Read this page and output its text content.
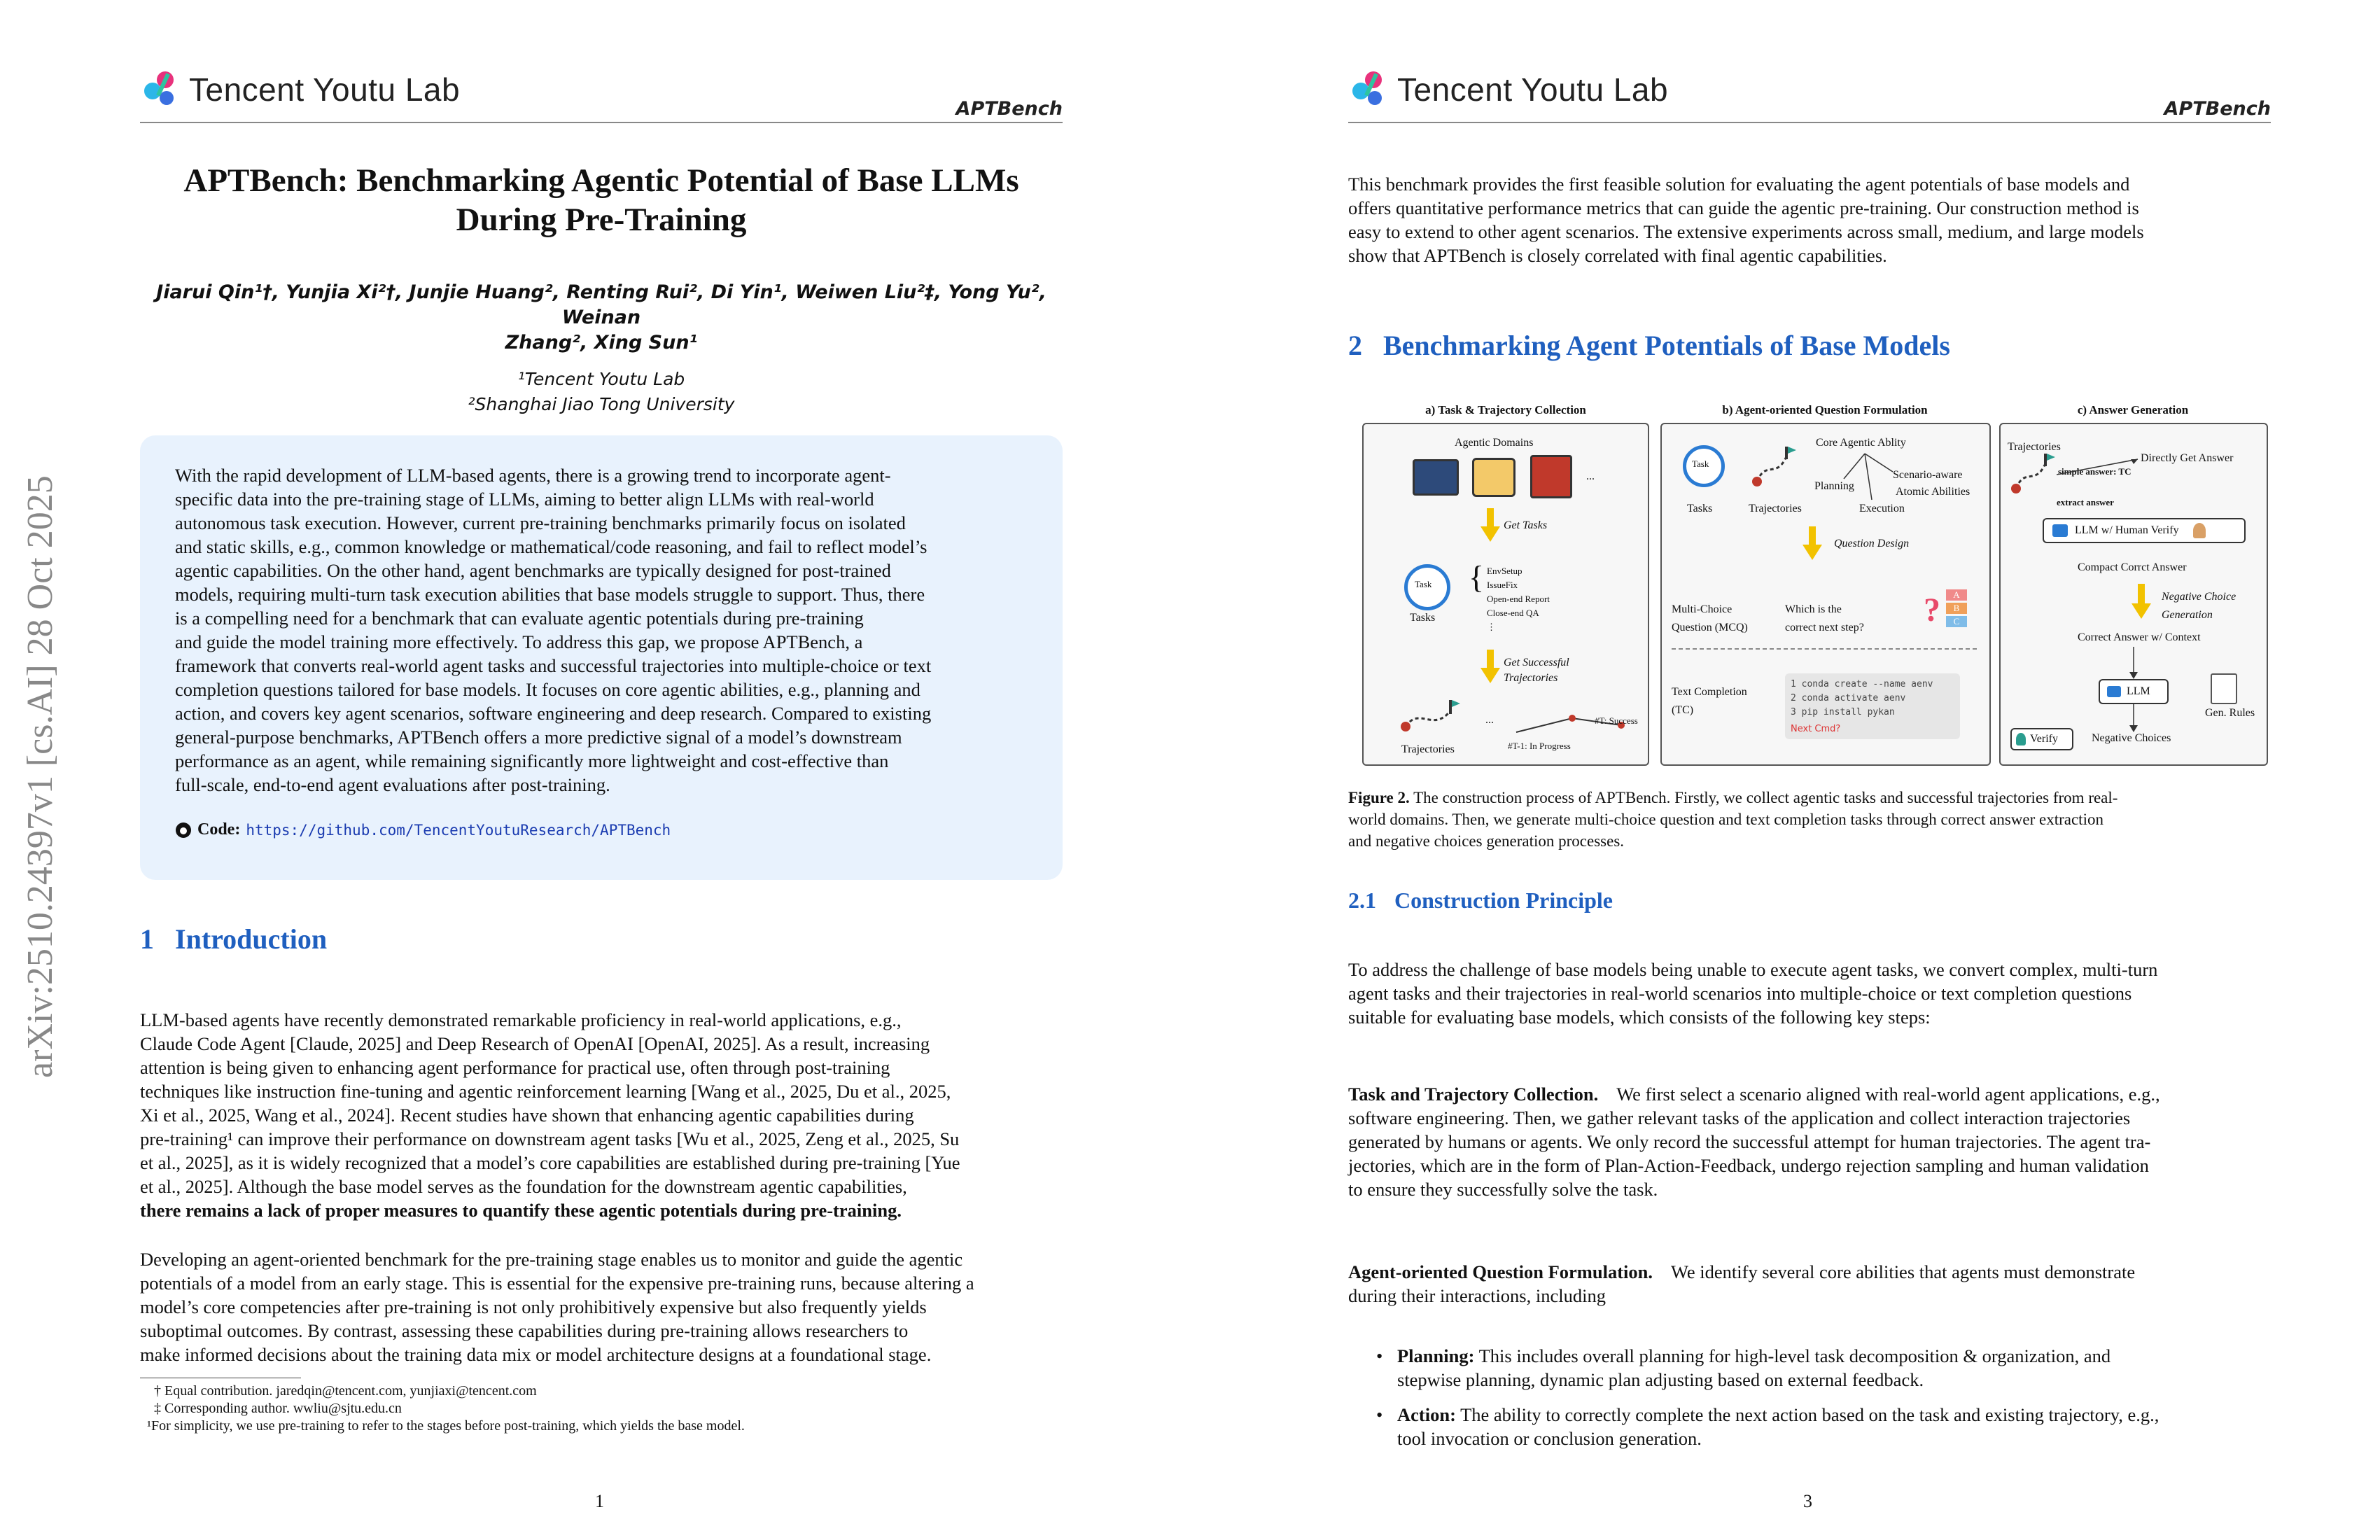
arXiv:2510.24397v1 [cs.AI] 28 Oct 2025
Tencent Youtu Lab
APTBench
APTBench: Benchmarking Agentic Potential of Base LLMs
During Pre-Training
Jiarui Qin¹†, Yunjia Xi²†, Junjie Huang², Renting Rui², Di Yin¹, Weiwen Liu²‡, Yong Yu², Weinan
Zhang², Xing Sun¹
¹Tencent Youtu Lab
²Shanghai Jiao Tong University
With the rapid development of LLM-based agents, there is a growing trend to incorporate agent-
specific data into the pre-training stage of LLMs, aiming to better align LLMs with real-world
autonomous task execution. However, current pre-training benchmarks primarily focus on isolated
and static skills, e.g., common knowledge or mathematical/code reasoning, and fail to reflect model’s
agentic capabilities. On the other hand, agent benchmarks are typically designed for post-trained
models, requiring multi-turn task execution abilities that base models struggle to support. Thus, there
is a compelling need for a benchmark that can evaluate agentic potentials during pre-training
and guide the model training more effectively. To address this gap, we propose APTBench, a
framework that converts real-world agent tasks and successful trajectories into multiple-choice or text
completion questions tailored for base models. It focuses on core agentic abilities, e.g., planning and
action, and covers key agent scenarios, software engineering and deep research. Compared to existing
general-purpose benchmarks, APTBench offers a more predictive signal of a model’s downstream
performance as an agent, while remaining significantly more lightweight and cost-effective than
full-scale, end-to-end agent evaluations after post-training.
Code: https://github.com/TencentYoutuResearch/APTBench
1 Introduction
LLM-based agents have recently demonstrated remarkable proficiency in real-world applications, e.g.,
Claude Code Agent [Claude, 2025] and Deep Research of OpenAI [OpenAI, 2025]. As a result, increasing
attention is being given to enhancing agent performance for practical use, often through post-training
techniques like instruction fine-tuning and agentic reinforcement learning [Wang et al., 2025, Du et al., 2025,
Xi et al., 2025, Wang et al., 2024]. Recent studies have shown that enhancing agentic capabilities during
pre-training¹ can improve their performance on downstream agent tasks [Wu et al., 2025, Zeng et al., 2025, Su
et al., 2025], as it is widely recognized that a model’s core capabilities are established during pre-training [Yue
et al., 2025]. Although the base model serves as the foundation for the downstream agentic capabilities,
there remains a lack of proper measures to quantify these agentic potentials during pre-training.
Developing an agent-oriented benchmark for the pre-training stage enables us to monitor and guide the agentic
potentials of a model from an early stage. This is essential for the expensive pre-training runs, because altering a
model’s core competencies after pre-training is not only prohibitively expensive but also frequently yields
suboptimal outcomes. By contrast, assessing these capabilities during pre-training allows researchers to
make informed decisions about the training data mix or model architecture designs at a foundational stage.
† Equal contribution. jaredqin@tencent.com, yunjiaxi@tencent.com
‡ Corresponding author. wwliu@sjtu.edu.cn
¹For simplicity, we use pre-training to refer to the stages before post-training, which yields the base model.
1
Tencent Youtu Lab
APTBench
This benchmark provides the first feasible solution for evaluating the agent potentials of base models and
offers quantitative performance metrics that can guide the agentic pre-training. Our construction method is
easy to extend to other agent scenarios. The extensive experiments across small, medium, and large models
show that APTBench is closely correlated with final agentic capabilities.
2 Benchmarking Agent Potentials of Base Models
a) Task & Trajectory Collection
Agentic Domains
...
Get Tasks
Task
Tasks
{ EnvSetup
IssueFix
Open-end Report
Close-end QA
⋮
Get Successful
Trajectories
Trajectories
...
#T-1: In Progress
#T: Success
b) Agent-oriented Question Formulation
Task
Tasks	Trajectories
Core Agentic Ablity
Planning
Scenario-aware
Atomic Abilities
Execution
Question Design
Multi-Choice
Question (MCQ)
Which is the
correct next step? ?	A
B
C
Text Completion
(TC)
1 conda create --name aenv
2 conda activate aenv
3 pip install pykan
Next Cmd?
c) Answer Generation
Trajectories
simple answer: TC
Directly Get Answer
extract answer
LLM w/ Human Verify
Compact Corrct Answer
Negative Choice
Generation
Correct Answer w/ Context
LLM
Gen. Rules
Verify	Negative Choices
Figure 2. The construction process of APTBench. Firstly, we collect agentic tasks and successful trajectories from real-
world domains. Then, we generate multi-choice question and text completion tasks through correct answer extraction
and negative choices generation processes.
2.1 Construction Principle
To address the challenge of base models being unable to execute agent tasks, we convert complex, multi-turn
agent tasks and their trajectories in real-world scenarios into multiple-choice or text completion questions
suitable for evaluating base models, which consists of the following key steps:
Task and Trajectory Collection. We first select a scenario aligned with real-world agent applications, e.g.,
software engineering. Then, we gather relevant tasks of the application and collect interaction trajectories
generated by humans or agents. We only record the successful attempt for human trajectories. The agent tra-
jectories, which are in the form of Plan-Action-Feedback, undergo rejection sampling and human validation
to ensure they successfully solve the task.
Agent-oriented Question Formulation. We identify several core abilities that agents must demonstrate
during their interactions, including
• Planning: This includes overall planning for high-level task decomposition & organization, and
stepwise planning, dynamic plan adjusting based on external feedback.
• Action: The ability to correctly complete the next action based on the task and existing trajectory, e.g.,
tool invocation or conclusion generation.
3
